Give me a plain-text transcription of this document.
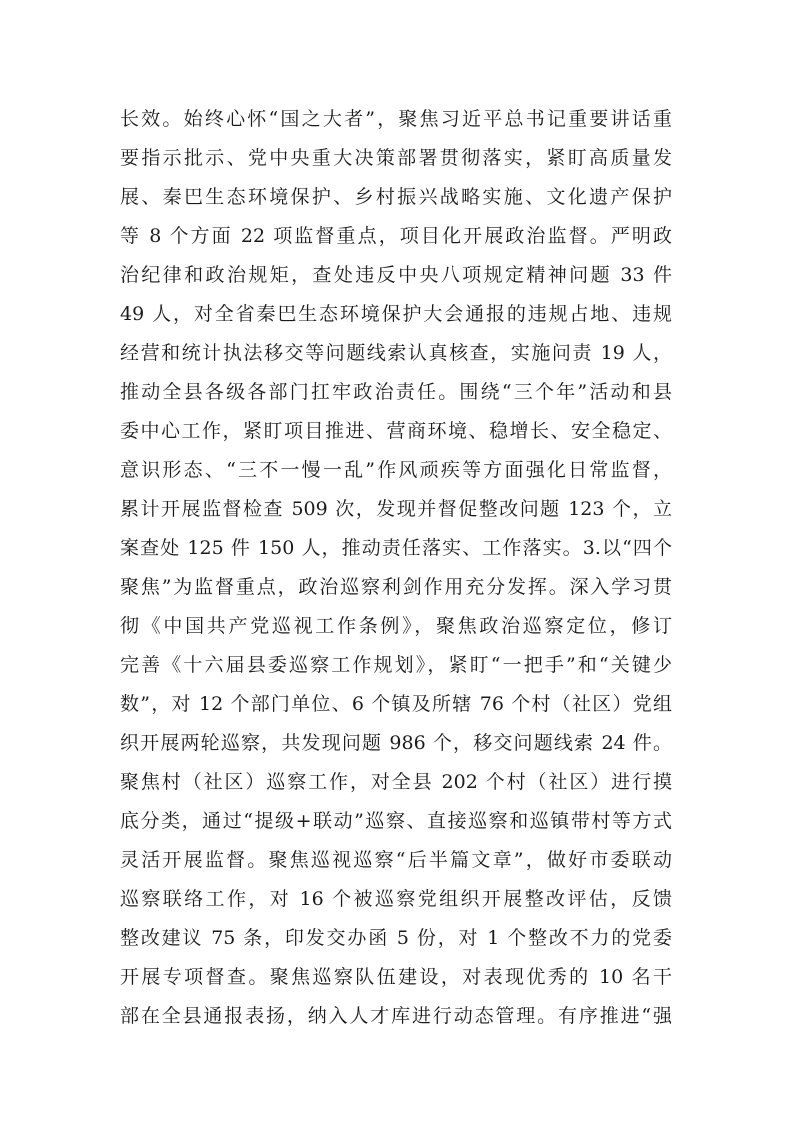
长效。始终心怀“国之大者”，聚焦习近平总书记重要讲话重
要指示批示、党中央重大决策部署贯彻落实，紧盯高质量发
展、秦巴生态环境保护、乡村振兴战略实施、文化遗产保护
等 8 个方面 22 项监督重点，项目化开展政治监督。严明政
治纪律和政治规矩，查处违反中央八项规定精神问题 33 件
49 人，对全省秦巴生态环境保护大会通报的违规占地、违规
经营和统计执法移交等问题线索认真核查，实施问责 19 人，
推动全县各级各部门扛牢政治责任。围绕“三个年”活动和县
委中心工作，紧盯项目推进、营商环境、稳增长、安全稳定、
意识形态、“三不一慢一乱”作风顽疾等方面强化日常监督，
累计开展监督检查 509 次，发现并督促整改问题 123 个，立
案查处 125 件 150 人，推动责任落实、工作落实。3.以“四个
聚焦”为监督重点，政治巡察利剑作用充分发挥。深入学习贯
彻《中国共产党巡视工作条例》，聚焦政治巡察定位，修订
完善《十六届县委巡察工作规划》，紧盯“一把手”和“关键少
数”，对 12 个部门单位、6 个镇及所辖 76 个村（社区）党组
织开展两轮巡察，共发现问题 986 个，移交问题线索 24 件。
聚焦村（社区）巡察工作，对全县 202 个村（社区）进行摸
底分类，通过“提级+联动”巡察、直接巡察和巡镇带村等方式
灵活开展监督。聚焦巡视巡察“后半篇文章”，做好市委联动
巡察联络工作，对 16 个被巡察党组织开展整改评估，反馈
整改建议 75 条，印发交办函 5 份，对 1 个整改不力的党委
开展专项督查。聚焦巡察队伍建设，对表现优秀的 10 名干
部在全县通报表扬，纳入人才库进行动态管理。有序推进“强
